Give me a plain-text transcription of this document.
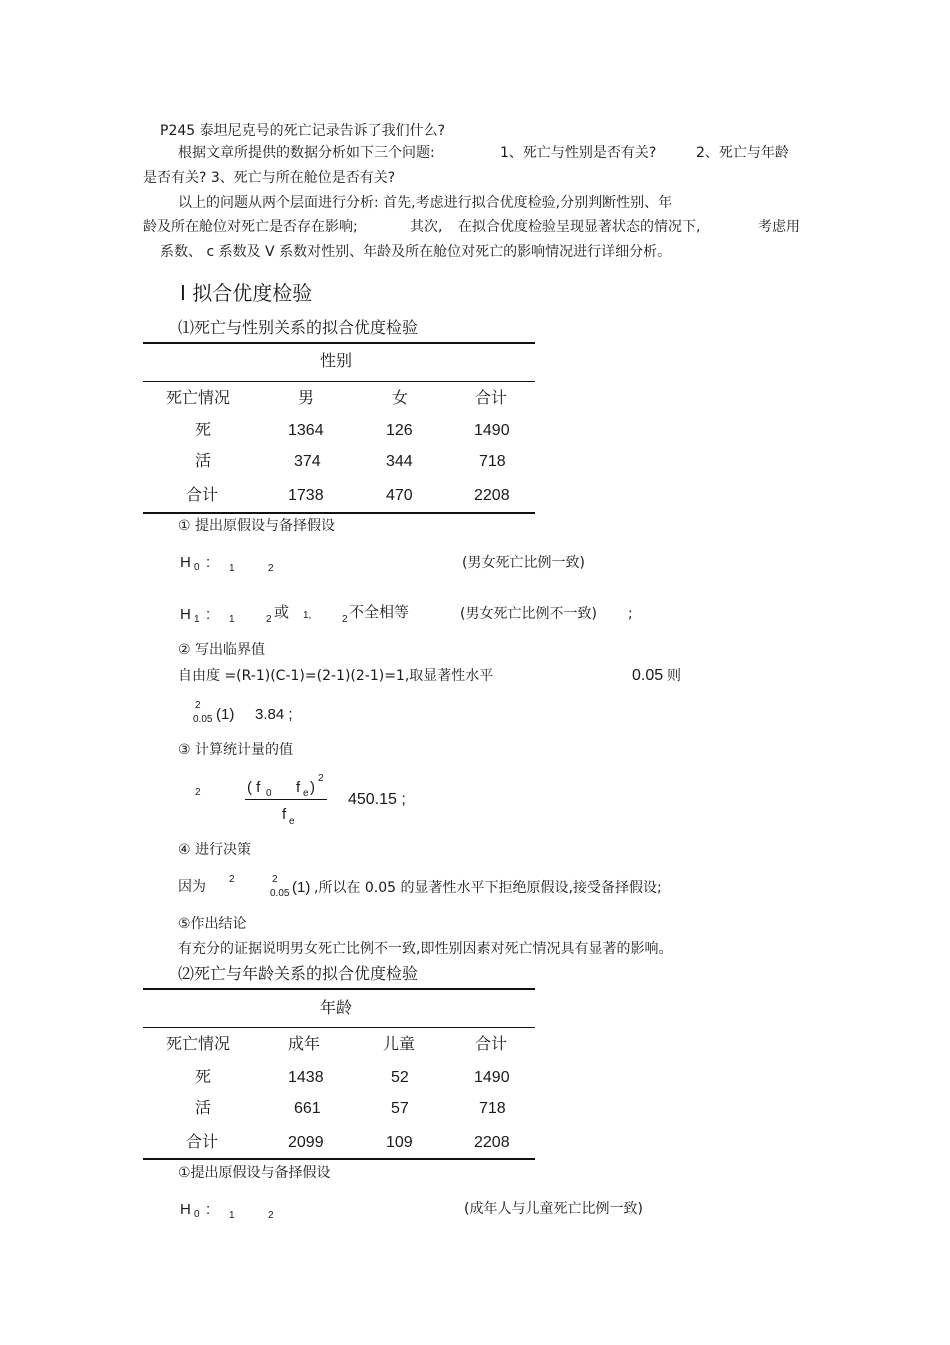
P245 泰坦尼克号的死亡记录告诉了我们什么?
根据文章所提供的数据分析如下三个问题:	1、死亡与性别是否有关?	2、死亡与年龄
是否有关? 3、死亡与所在舱位是否有关?
以上的问题从两个层面进行分析: 首先,考虑进行拟合优度检验,分别判断性别、年
龄及所在舱位对死亡是否存在影响;	其次, 在拟合优度检验呈现显著状态的情况下,	考虑用
系数、 c 系数及 V 系数对性别、年龄及所在舱位对死亡的影响情况进行详细分析。
Ⅰ 拟合优度检验
⑴死亡与性别关系的拟合优度检验
性别
死亡情况	男	女	合计
死	1364	126	1490
活	374	344	718
合计	1738	470	2208
① 提出原假设与备择假设
H 0 : 1	2	(男女死亡比例一致)
H 1 : 1	2 或 1,	2 不全相等	(男女死亡比例不一致) ;
② 写出临界值
自由度 =(R-1)(C-1)=(2-1)(2-1)=1,取显著性水平	0.05 则
2
0.05 (1) 3.84 ;
③ 计算统计量的值
2	( f 0 f e )
2
f e
450.15 ;
④ 进行决策
因为 2	2
0.05 (1) ,所以在 0.05 的显著性水平下拒绝原假设,接受备择假设;
⑤作出结论
有充分的证据说明男女死亡比例不一致,即性别因素对死亡情况具有显著的影响。
⑵死亡与年龄关系的拟合优度检验
年龄
死亡情况	成年	儿童	合计
死	1438	52	1490
活	661	57	718
合计	2099	109	2208
①提出原假设与备择假设
H 0 : 1	2	(成年人与儿童死亡比例一致)
